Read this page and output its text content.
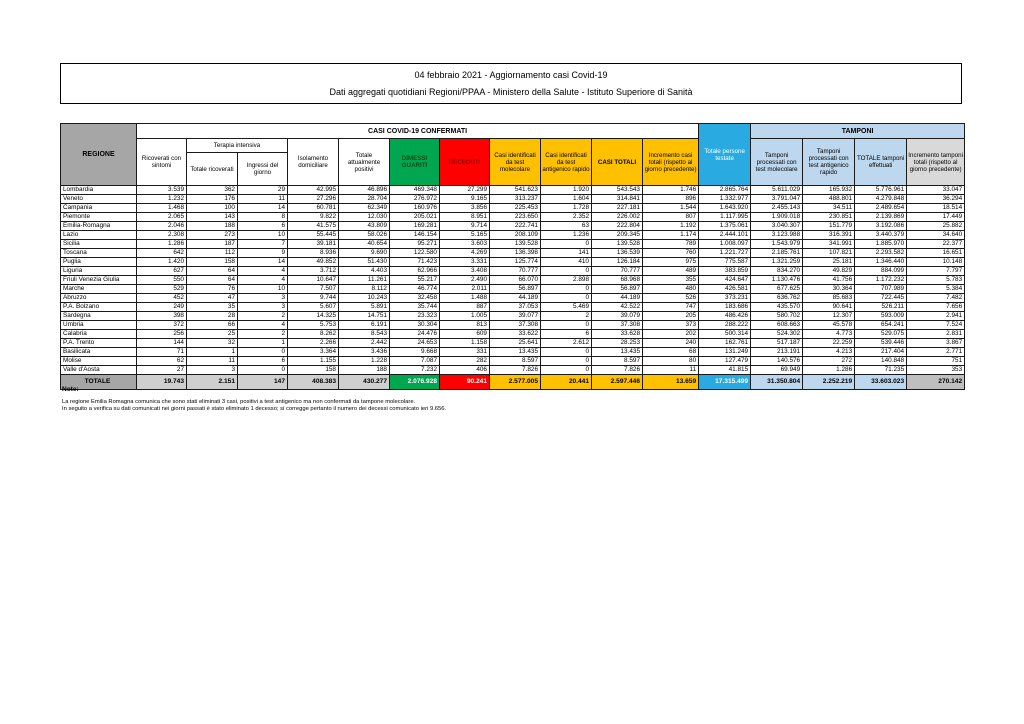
04 febbraio 2021 - Aggiornamento casi Covid-19
Dati aggregati quotidiani Regioni/PPAA - Ministero della Salute - Istituto Superiore di Sanità
REGIONE	CASI COVID-19 CONFERMATI											Totale persone testate	TAMPONI			
	Ricoverati con sintomi	Terapia intensiva		Isolamento domiciliare	Totale attualmente positivi	DIMESSI GUARITI	DECEDUTI	Casi identificati da test molecolare	Casi identificati da test antigenico rapido	CASI TOTALI	Incremento casi totali (rispetto al giorno precedente)		Tamponi processati con test molecolare	Tamponi processati con test antigenico rapido	TOTALE tamponi effettuati	Incremento tamponi totali (rispetto al giorno precedente)
		Totale ricoverati	Ingressi del giorno													
Lombardia	3.539	362	29	42.995	46.896	469.348	27.299	541.623	1.920	543.543	1.746	2.865.764	5.611.029	165.932	5.776.961	33.047
Veneto	1.232	176	11	27.296	28.704	276.972	9.165	313.237	1.604	314.841	896	1.332.977	3.791.047	488.801	4.279.848	36.294
Campania	1.468	100	14	60.781	62.349	160.976	3.856	225.453	1.728	227.181	1.544	1.643.920	2.455.143	34.511	2.489.654	18.514
Piemonte	2.065	143	8	9.822	12.030	205.021	8.951	223.650	2.352	226.002	807	1.117.995	1.909.018	230.851	2.139.869	17.449
Emilia-Romagna	2.046	188	6	41.575	43.809	169.281	9.714	222.741	63	222.804	1.192	1.375.061	3.040.307	151.779	3.192.086	25.882
Lazio	2.308	273	10	55.445	58.026	146.154	5.165	208.109	1.236	209.345	1.174	2.444.101	3.123.988	316.391	3.440.379	34.640
Sicilia	1.286	187	7	39.181	40.654	95.271	3.603	139.528	0	139.528	789	1.008.097	1.543.979	341.991	1.885.970	22.377
Toscana	642	112	9	8.936	9.690	122.580	4.269	136.398	141	136.539	760	1.221.727	2.185.761	107.821	2.293.582	16.651
Puglia	1.420	158	14	49.852	51.430	71.423	3.331	125.774	410	126.184	975	775.587	1.321.259	25.181	1.346.440	10.148
Liguria	627	64	4	3.712	4.403	62.966	3.408	70.777	0	70.777	489	383.859	834.270	49.829	884.099	7.797
Friuli Venezia Giulia	550	64	4	10.647	11.261	55.217	2.490	66.070	2.898	68.968	355	424.647	1.130.476	41.756	1.172.232	5.783
Marche	529	76	10	7.507	8.112	46.774	2.011	56.897	0	56.897	480	426.581	677.625	30.364	707.989	5.384
Abruzzo	452	47	3	9.744	10.243	32.458	1.488	44.189	0	44.189	526	373.231	636.762	85.683	722.445	7.482
P.A. Bolzano	249	35	3	5.607	5.891	35.744	887	37.053	5.469	42.522	747	183.686	435.570	90.641	526.211	7.656
Sardegna	398	28	2	14.325	14.751	23.323	1.005	39.077	2	39.079	205	486.426	580.702	12.307	593.009	2.941
Umbria	372	66	4	5.753	6.191	30.304	813	37.308	0	37.308	373	288.222	608.663	45.578	654.241	7.524
Calabria	256	25	2	8.262	8.543	24.476	609	33.622	6	33.628	202	500.314	524.302	4.773	529.075	2.831
P.A. Trento	144	32	1	2.266	2.442	24.653	1.158	25.641	2.612	28.253	240	162.761	517.187	22.259	539.446	3.867
Basilicata	71	1	0	3.364	3.436	9.668	331	13.435	0	13.435	68	131.249	213.191	4.213	217.404	2.771
Molise	62	11	6	1.155	1.228	7.087	282	8.597	0	8.597	80	127.479	140.576	272	140.848	751
Valle d'Aosta	27	3	0	158	188	7.232	406	7.826	0	7.826	11	41.815	69.949	1.286	71.235	353
TOTALE	19.743	2.151	147	408.383	430.277	2.076.928	90.241	2.577.005	20.441	2.597.446	13.659	17.315.499	31.350.804	2.252.219	33.603.023	270.142
Note:
La regione Emilia Romagna comunica che sono stati eliminati 3 casi, positivi a test antigenico ma non confermati da tampone molecolare.
In seguito a verifica su dati comunicati nei giorni passati è stato eliminato 1 decesso; si corregge pertanto il numero dei decessi comunicato ieri 9.656.
